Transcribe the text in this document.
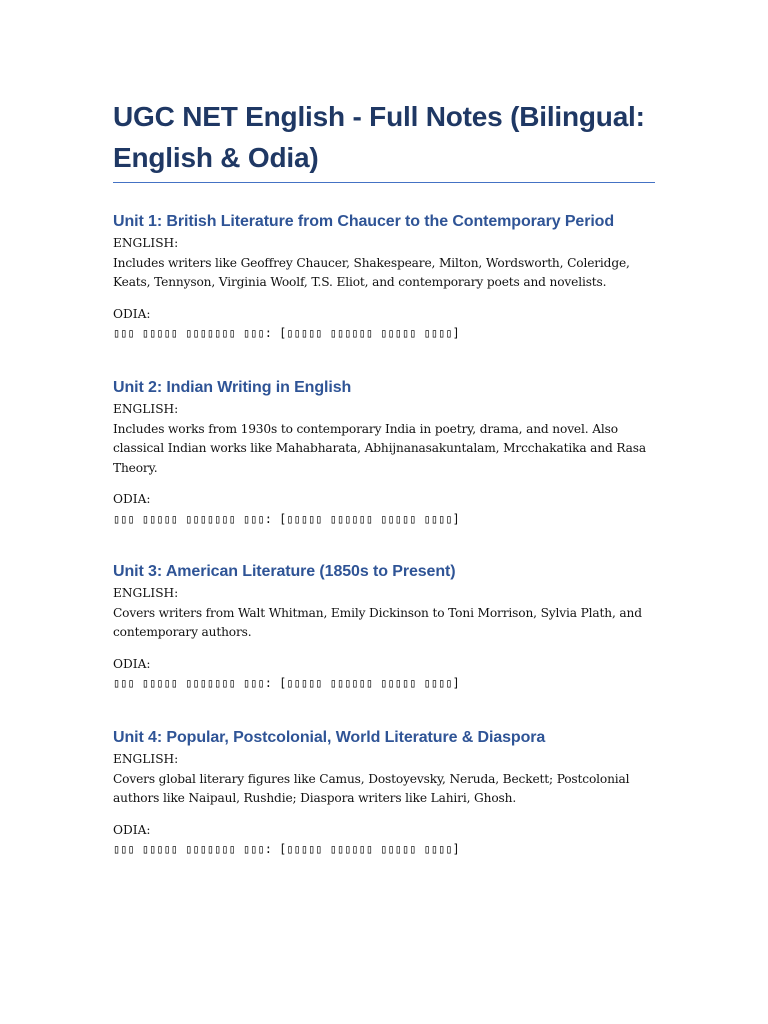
UGC NET English - Full Notes (Bilingual: English & Odia)
Unit 1: British Literature from Chaucer to the Contemporary Period

ENGLISH:

Includes writers like Geoffrey Chaucer, Shakespeare, Milton, Wordsworth, Coleridge, Keats, Tennyson, Virginia Woolf, T.S. Eliot, and contemporary poets and novelists.

ODIA:

▯▯▯ ▯▯▯▯▯ ▯▯▯▯▯▯▯ ▯▯▯: [▯▯▯▯▯ ▯▯▯▯▯▯ ▯▯▯▯▯ ▯▯▯▯]

Unit 2: Indian Writing in English

ENGLISH:

Includes works from 1930s to contemporary India in poetry, drama, and novel. Also classical Indian works like Mahabharata, Abhijnanasakuntalam, Mrcchakatika and Rasa Theory.

ODIA:

▯▯▯ ▯▯▯▯▯ ▯▯▯▯▯▯▯ ▯▯▯: [▯▯▯▯▯ ▯▯▯▯▯▯ ▯▯▯▯▯ ▯▯▯▯]

Unit 3: American Literature (1850s to Present)

ENGLISH:

Covers writers from Walt Whitman, Emily Dickinson to Toni Morrison, Sylvia Plath, and contemporary authors.

ODIA:

▯▯▯ ▯▯▯▯▯ ▯▯▯▯▯▯▯ ▯▯▯: [▯▯▯▯▯ ▯▯▯▯▯▯ ▯▯▯▯▯ ▯▯▯▯]

Unit 4: Popular, Postcolonial, World Literature & Diaspora

ENGLISH:

Covers global literary figures like Camus, Dostoyevsky, Neruda, Beckett; Postcolonial authors like Naipaul, Rushdie; Diaspora writers like Lahiri, Ghosh.

ODIA:

▯▯▯ ▯▯▯▯▯ ▯▯▯▯▯▯▯ ▯▯▯: [▯▯▯▯▯ ▯▯▯▯▯▯ ▯▯▯▯▯ ▯▯▯▯]
